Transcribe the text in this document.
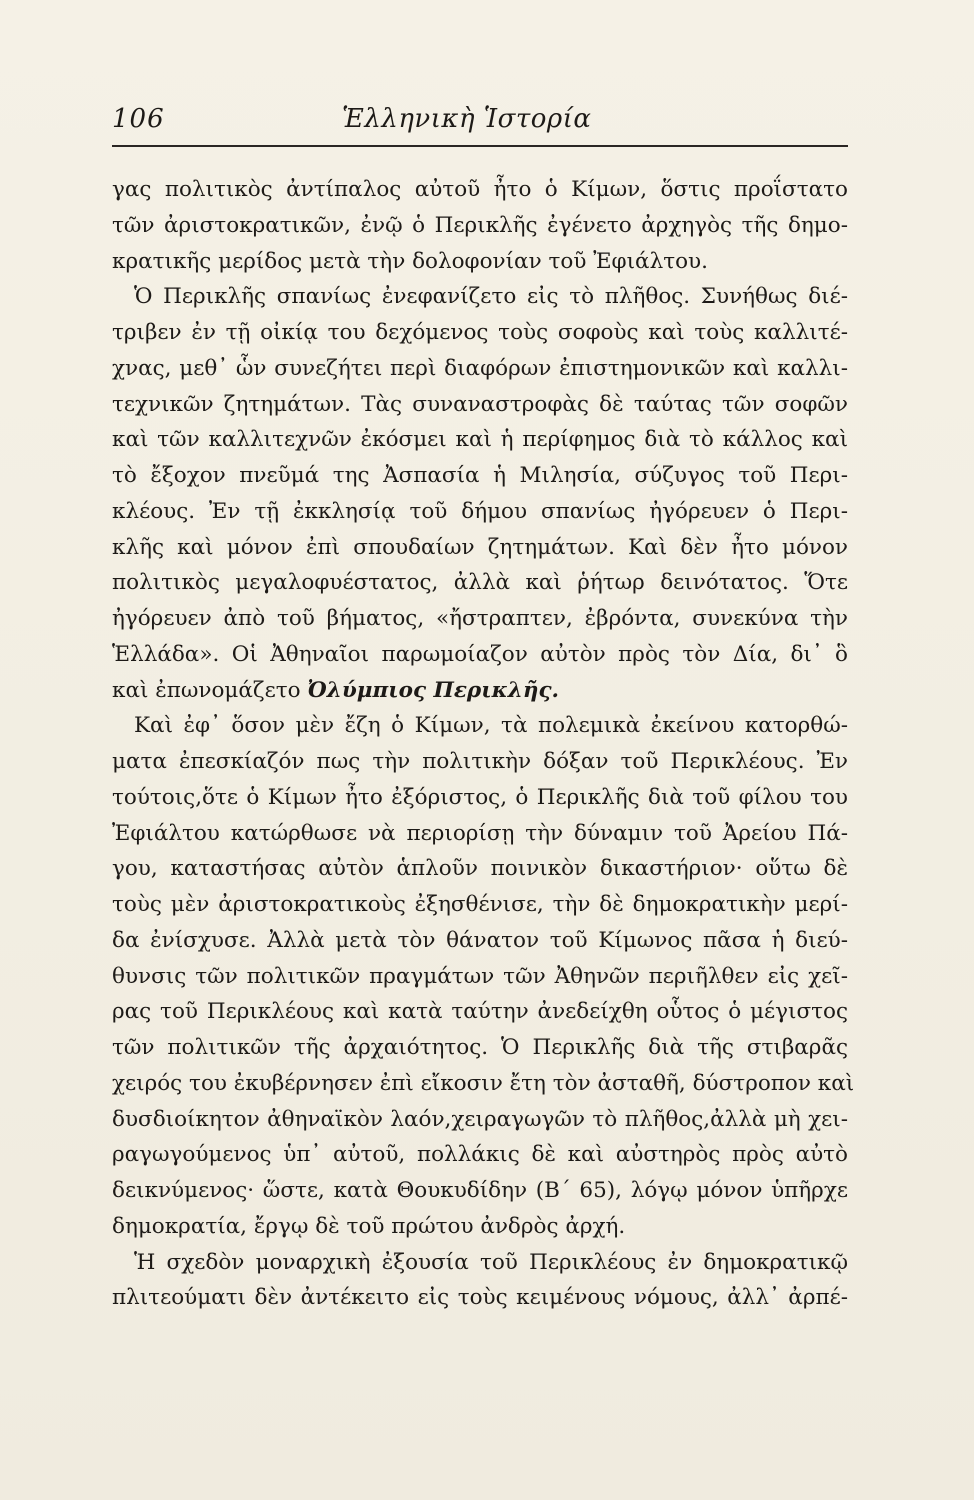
106	Ἑλληνικὴ Ἱστορία
γας πολιτικὸς ἀντίπαλος αὐτοῦ ἦτο ὁ Κίμων, ὅστις προΐστατο
τῶν ἀριστοκρατικῶν, ἐνῷ ὁ Περικλῆς ἐγένετο ἀρχηγὸς τῆς δημο-
κρατικῆς μερίδος μετὰ τὴν δολοφονίαν τοῦ Ἐφιάλτου.
Ὁ Περικλῆς σπανίως ἐνεφανίζετο εἰς τὸ πλῆθος. Συνήθως διέ-
τριβεν ἐν τῇ οἰκίᾳ του δεχόμενος τοὺς σοφοὺς καὶ τοὺς καλλιτέ-
χνας, μεθ᾽ ὧν συνεζήτει περὶ διαφόρων ἐπιστημονικῶν καὶ καλλι-
τεχνικῶν ζητημάτων. Τὰς συναναστροφὰς δὲ ταύτας τῶν σοφῶν
καὶ τῶν καλλιτεχνῶν ἐκόσμει καὶ ἡ περίφημος διὰ τὸ κάλλος καὶ
τὸ ἔξοχον πνεῦμά της Ἀσπασία ἡ Μιλησία, σύζυγος τοῦ Περι-
κλέους. Ἐν τῇ ἐκκλησίᾳ τοῦ δήμου σπανίως ἠγόρευεν ὁ Περι-
κλῆς καὶ μόνον ἐπὶ σπουδαίων ζητημάτων. Καὶ δὲν ἦτο μόνον
πολιτικὸς μεγαλοφυέστατος, ἀλλὰ καὶ ῥήτωρ δεινότατος. Ὅτε
ἠγόρευεν ἀπὸ τοῦ βήματος, «ἤστραπτεν, ἐβρόντα, συνεκύνα τὴν
Ἑλλάδα». Οἱ Ἀθηναῖοι παρωμοίαζον αὐτὸν πρὸς τὸν Δία, δι᾽ ὃ
καὶ ἐπωνομάζετο Ὀλύμπιος Περικλῆς.
Καὶ ἐφ᾽ ὅσον μὲν ἔζη ὁ Κίμων, τὰ πολεμικὰ ἐκείνου κατορθώ-
ματα ἐπεσκίαζόν πως τὴν πολιτικὴν δόξαν τοῦ Περικλέους. Ἐν
τούτοις,ὅτε ὁ Κίμων ἦτο ἐξόριστος, ὁ Περικλῆς διὰ τοῦ φίλου του
Ἐφιάλτου κατώρθωσε νὰ περιορίσῃ τὴν δύναμιν τοῦ Ἀρείου Πά-
γου, καταστήσας αὐτὸν ἁπλοῦν ποινικὸν δικαστήριον· οὕτω δὲ
τοὺς μὲν ἀριστοκρατικοὺς ἐξησθένισε, τὴν δὲ δημοκρατικὴν μερί-
δα ἐνίσχυσε. Ἀλλὰ μετὰ τὸν θάνατον τοῦ Κίμωνος πᾶσα ἡ διεύ-
θυνσις τῶν πολιτικῶν πραγμάτων τῶν Ἀθηνῶν περιῆλθεν εἰς χεῖ-
ρας τοῦ Περικλέους καὶ κατὰ ταύτην ἀνεδείχθη οὗτος ὁ μέγιστος
τῶν πολιτικῶν τῆς ἀρχαιότητος. Ὁ Περικλῆς διὰ τῆς στιβαρᾶς
χειρός του ἐκυβέρνησεν ἐπὶ εἴκοσιν ἔτη τὸν ἀσταθῆ, δύστροπον καὶ
δυσδιοίκητον ἀθηναϊκὸν λαόν,χειραγωγῶν τὸ πλῆθος,ἀλλὰ μὴ χει-
ραγωγούμενος ὑπ᾽ αὐτοῦ, πολλάκις δὲ καὶ αὐστηρὸς πρὸς αὐτὸ
δεικνύμενος· ὥστε, κατὰ Θουκυδίδην (Β´ 65), λόγῳ μόνον ὑπῆρχε
δημοκρατία, ἔργῳ δὲ τοῦ πρώτου ἀνδρὸς ἀρχή.
Ἡ σχεδὸν μοναρχικὴ ἐξουσία τοῦ Περικλέους ἐν δημοκρατικῷ
πλιτεούματι δὲν ἀντέκειτο εἰς τοὺς κειμένους νόμους, ἀλλ᾽ ἀρπέ-
